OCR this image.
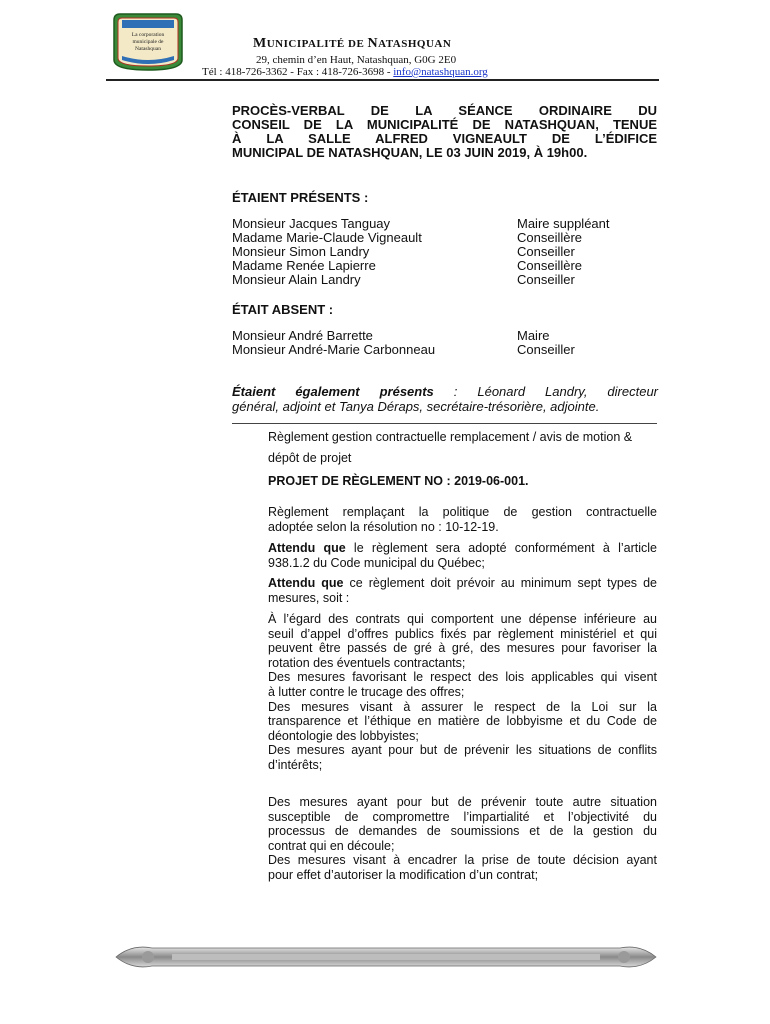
La corporation
municipale de
Natashquan	MUNICIPALITÉ DE NATASHQUAN
29, chemin d’en Haut, Natashquan, G0G 2E0
Tél : 418-726-3362 - Fax : 418-726-3698 - info@natashquan.org
PROCÈS-VERBAL DE LA SÉANCE ORDINAIRE DU
CONSEIL DE LA MUNICIPALITÉ DE NATASHQUAN, TENUE
À LA SALLE ALFRED VIGNEAULT DE L’ÉDIFICE
MUNICIPAL DE NATASHQUAN, LE 03 JUIN 2019, À 19h00.
ÉTAIENT PRÉSENTS :
Monsieur Jacques Tanguay	Maire suppléant
Madame Marie-Claude Vigneault	Conseillère
Monsieur Simon Landry	Conseiller
Madame Renée Lapierre	Conseillère
Monsieur Alain Landry	Conseiller
ÉTAIT ABSENT :
Monsieur André Barrette	Maire
Monsieur André-Marie Carbonneau	Conseiller
Étaient également présents : Léonard Landry, directeur
général, adjoint et Tanya Déraps, secrétaire-trésorière, adjointe.

Règlement gestion contractuelle remplacement / avis de motion &

dépôt de projet

PROJET DE RÈGLEMENT NO : 2019-06-001.
Règlement remplaçant la politique de gestion contractuelle
adoptée selon la résolution no : 10-12-19.
Attendu que le règlement sera adopté conformément à l’article
938.1.2 du Code municipal du Québec;
Attendu que ce règlement doit prévoir au minimum sept types de
mesures, soit :
À l’égard des contrats qui comportent une dépense inférieure au
seuil d’appel d’offres publics fixés par règlement ministériel et qui
peuvent être passés de gré à gré, des mesures pour favoriser la
rotation des éventuels contractants;
Des mesures favorisant le respect des lois applicables qui visent
à lutter contre le trucage des offres;
Des mesures visant à assurer le respect de la Loi sur la
transparence et l’éthique en matière de lobbyisme et du Code de
déontologie des lobbyistes;
Des mesures ayant pour but de prévenir les situations de conflits
d’intérêts;
Des mesures ayant pour but de prévenir toute autre situation
susceptible de compromettre l’impartialité et l’objectivité du
processus de demandes de soumissions et de la gestion du
contrat qui en découle;
Des mesures visant à encadrer la prise de toute décision ayant
pour effet d’autoriser la modification d’un contrat;
